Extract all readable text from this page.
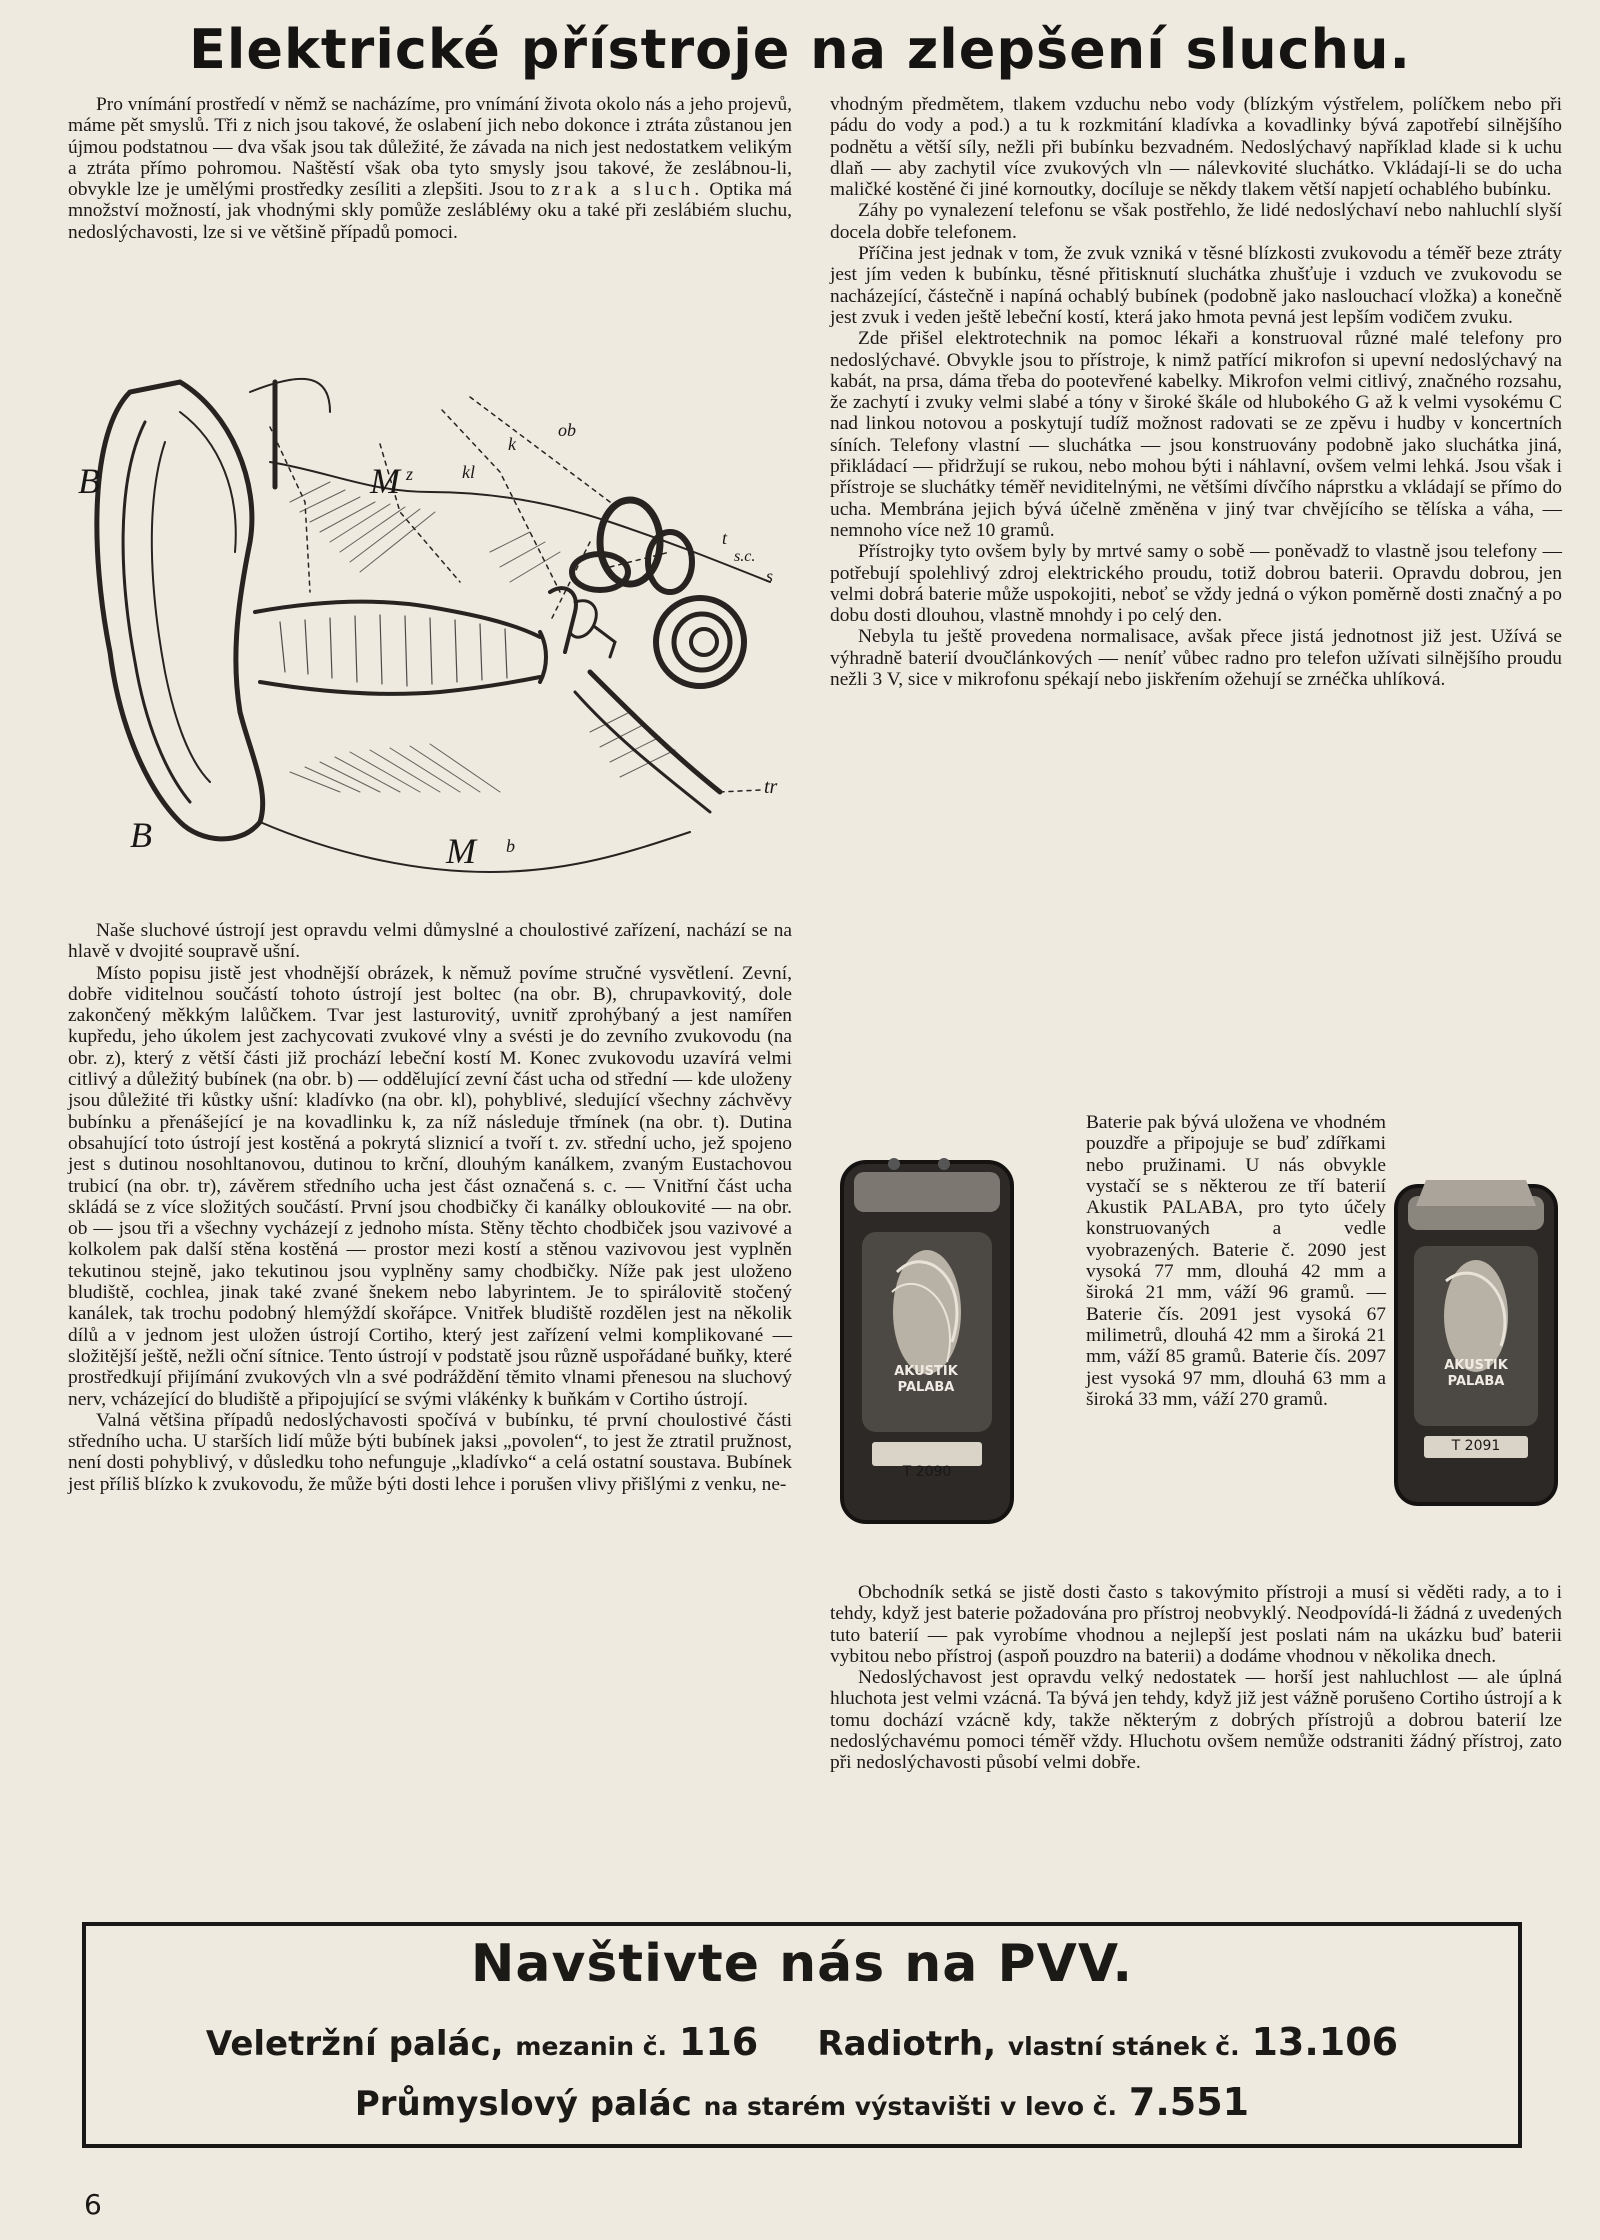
Elektrické přístroje na zlepšení sluchu.

Pro vnímání prostředí v němž se nacházíme, pro vnímání života okolo nás a jeho projevů, máme pět smyslů. Tři z nich jsou takové, že oslabení jich nebo dokonce i ztráta zůstanou jen újmou podstatnou — dva však jsou tak důležité, že závada na nich jest nedostatkem velikým a ztráta přímo pohromou. Naštěstí však oba tyto smysly jsou takové, že zeslábnou-li, obvykle lze je umělými prostředky zesíliti a zlepšiti. Jsou to zrak a sluch. Optika má množství možností, jak vhodnými skly pomůže zeslábléму oku a také při zeslábiém sluchu, nedoslýchavosti, lze si ve většině případů pomoci.

B
B
M z
M
k
ob
kl
t
s.c.
s
tr
b

Naše sluchové ústrojí jest opravdu velmi důmyslné a choulostivé zařízení, nachází se na hlavě v dvojité soupravě ušní.

Místo popisu jistě jest vhodnější obrázek, k němuž povíme stručné vysvětlení. Zevní, dobře viditelnou součástí tohoto ústrojí jest boltec (na obr. B), chrupavkovitý, dole zakončený měkkým lalůčkem. Tvar jest lasturovitý, uvnitř zprohýbaný a jest namířen kupředu, jeho úkolem jest zachycovati zvukové vlny a svésti je do zevního zvukovodu (na obr. z), který z větší části již prochází lebeční kostí M. Konec zvukovodu uzavírá velmi citlivý a důležitý bubínek (na obr. b) — oddělující zevní část ucha od střední — kde uloženy jsou důležité tři kůstky ušní: kladívko (na obr. kl), pohyblivé, sledující všechny záchvěvy bubínku a přenášející je na kovadlinku k, za níž následuje třmínek (na obr. t). Dutina obsahující toto ústrojí jest kostěná a pokrytá sliznicí a tvoří t. zv. střední ucho, jež spojeno jest s dutinou nosohltanovou, dutinou to krční, dlouhým kanálkem, zvaným Eustachovou trubicí (na obr. tr), závěrem středního ucha jest část označená s. c. — Vnitřní část ucha skládá se z více složitých součástí. První jsou chodbičky či kanálky obloukovité — na obr. ob — jsou tři a všechny vycházejí z jednoho místa. Stěny těchto chodbiček jsou vazivové a kolkolem pak další stěna kostěná — prostor mezi kostí a stěnou vazivovou jest vyplněn tekutinou stejně, jako tekutinou jsou vyplněny samy chodbičky. Níže pak jest uloženo bludiště, cochlea, jinak také zvané šnekem nebo labyrintem. Je to spirálovitě stočený kanálek, tak trochu podobný hlemýždí skořápce. Vnitřek bludiště rozdělen jest na několik dílů a v jednom jest uložen ústrojí Cortiho, který jest zařízení velmi komplikované — složitější ještě, nežli oční sítnice. Tento ústrojí v podstatě jsou různě uspořádané buňky, které prostředkují přijímání zvukových vln a své podráždění těmito vlnami přenesou na sluchový nerv, vcházející do bludiště a připojující se svými vlákénky k buňkám v Cortiho ústrojí.

Valná většina případů nedoslýchavosti spočívá v bubínku, té první choulostivé části středního ucha. U starších lidí může býti bubínek jaksi „povolen“, to jest že ztratil pružnost, není dosti pohyblivý, v důsledku toho nefunguje „kladívko“ a celá ostatní soustava. Bubínek jest příliš blízko k zvukovodu, že může býti dosti lehce i porušen vlivy přišlými z venku, ne-

vhodným předmětem, tlakem vzduchu nebo vody (blízkým výstřelem, políčkem nebo při pádu do vody a pod.) a tu k rozkmitání kladívka a kovadlinky bývá zapotřebí silnějšího podnětu a větší síly, nežli při bubínku bezvadném. Nedoslýchavý například klade si k uchu dlaň — aby zachytil více zvukových vln — nálevkovité sluchátko. Vkládají-li se do ucha maličké kostěné či jiné kornoutky, docíluje se někdy tlakem větší napjetí ochablého bubínku.

Záhy po vynalezení telefonu se však postřehlo, že lidé nedoslýchaví nebo nahluchlí slyší docela dobře telefonem.

Příčina jest jednak v tom, že zvuk vzniká v těsné blízkosti zvukovodu a téměř beze ztráty jest jím veden k bubínku, těsné přitisknutí sluchátka zhušťuje i vzduch ve zvukovodu se nacházející, částečně i napíná ochablý bubínek (podobně jako naslouchací vložka) a konečně jest zvuk i veden ještě lebeční kostí, která jako hmota pevná jest lepším vodičem zvuku.

Zde přišel elektrotechnik na pomoc lékaři a konstruoval různé malé telefony pro nedoslýchavé. Obvykle jsou to přístroje, k nimž patřící mikrofon si upevní nedoslýchavý na kabát, na prsa, dáma třeba do pootevřené kabelky. Mikrofon velmi citlivý, značného rozsahu, že zachytí i zvuky velmi slabé a tóny v široké škále od hlubokého G až k velmi vysokému C nad linkou notovou a poskytují tudíž možnost radovati se ze zpěvu i hudby v koncertních síních. Telefony vlastní — sluchátka — jsou konstruovány podobně jako sluchátka jiná, přikládací — přidržují se rukou, nebo mohou býti i náhlavní, ovšem velmi lehká. Jsou však i přístroje se sluchátky téměř neviditelnými, ne většími dívčího náprstku a vkládají se přímo do ucha. Membrána jejich bývá účelně změněna v jiný tvar chvějícího se tělíska a váha, — nemnoho více než 10 gramů.

Přístrojky tyto ovšem byly by mrtvé samy o sobě — poněvadž to vlastně jsou telefony — potřebují spolehlivý zdroj elektrického proudu, totiž dobrou baterii. Opravdu dobrou, jen velmi dobrá baterie může uspokojiti, neboť se vždy jedná o výkon poměrně dosti značný a po dobu dosti dlouhou, vlastně mnohdy i po celý den.

Nebyla tu ještě provedena normalisace, avšak přece jistá jednotnost již jest. Užívá se výhradně baterií dvoučlánkových — neníť vůbec radno pro telefon užívati silnějšího proudu nežli 3 V, sice v mikrofonu spékají nebo jiskřením ožehují se zrnéčka uhlíková.

AKUSTIK
PALABA
T 2090
Baterie pak bývá uložena ve vhodném pouzdře a připojuje se buď zdířkami nebo pružinami. U nás obvykle vystačí se s některou ze tří baterií Akustik PALABA, pro tyto účely konstruovaných a vedle vyobrazených. Baterie č. 2090 jest vysoká 77 mm, dlouhá 42 mm a široká 21 mm, váží 96 gramů. — Baterie čís. 2091 jest vysoká 67 milimetrů, dlouhá 42 mm a široká 21 mm, váží 85 gramů. Baterie čís. 2097 jest vysoká 97 mm, dlouhá 63 mm a široká 33 mm, váží 270 gramů.
AKUSTIK
PALABA
T 2091

Obchodník setká se jistě dosti často s takovýmito přístroji a musí si věděti rady, a to i tehdy, když jest baterie požadována pro přístroj neobvyklý. Neodpovídá-li žádná z uvedených tuto baterií — pak vyrobíme vhodnou a nejlepší jest poslati nám na ukázku buď baterii vybitou nebo přístroj (aspoň pouzdro na baterii) a dodáme vhodnou v několika dnech.

Nedoslýchavost jest opravdu velký nedostatek — horší jest nahluchlost — ale úplná hluchota jest velmi vzácná. Ta bývá jen tehdy, když již jest vážně porušeno Cortiho ústrojí a k tomu dochází vzácně kdy, takže některým z dobrých přístrojů a dobrou baterií lze nedoslýchavému pomoci téměř vždy. Hluchotu ovšem nemůže odstraniti žádný přístroj, zato při nedoslýchavosti působí velmi dobře.

Navštivte nás na PVV.
Veletržní palác, mezanin č. 116 Radiotrh, vlastní stánek č. 13.106
Průmyslový palác na starém výstavišti v levo č. 7.551
6
